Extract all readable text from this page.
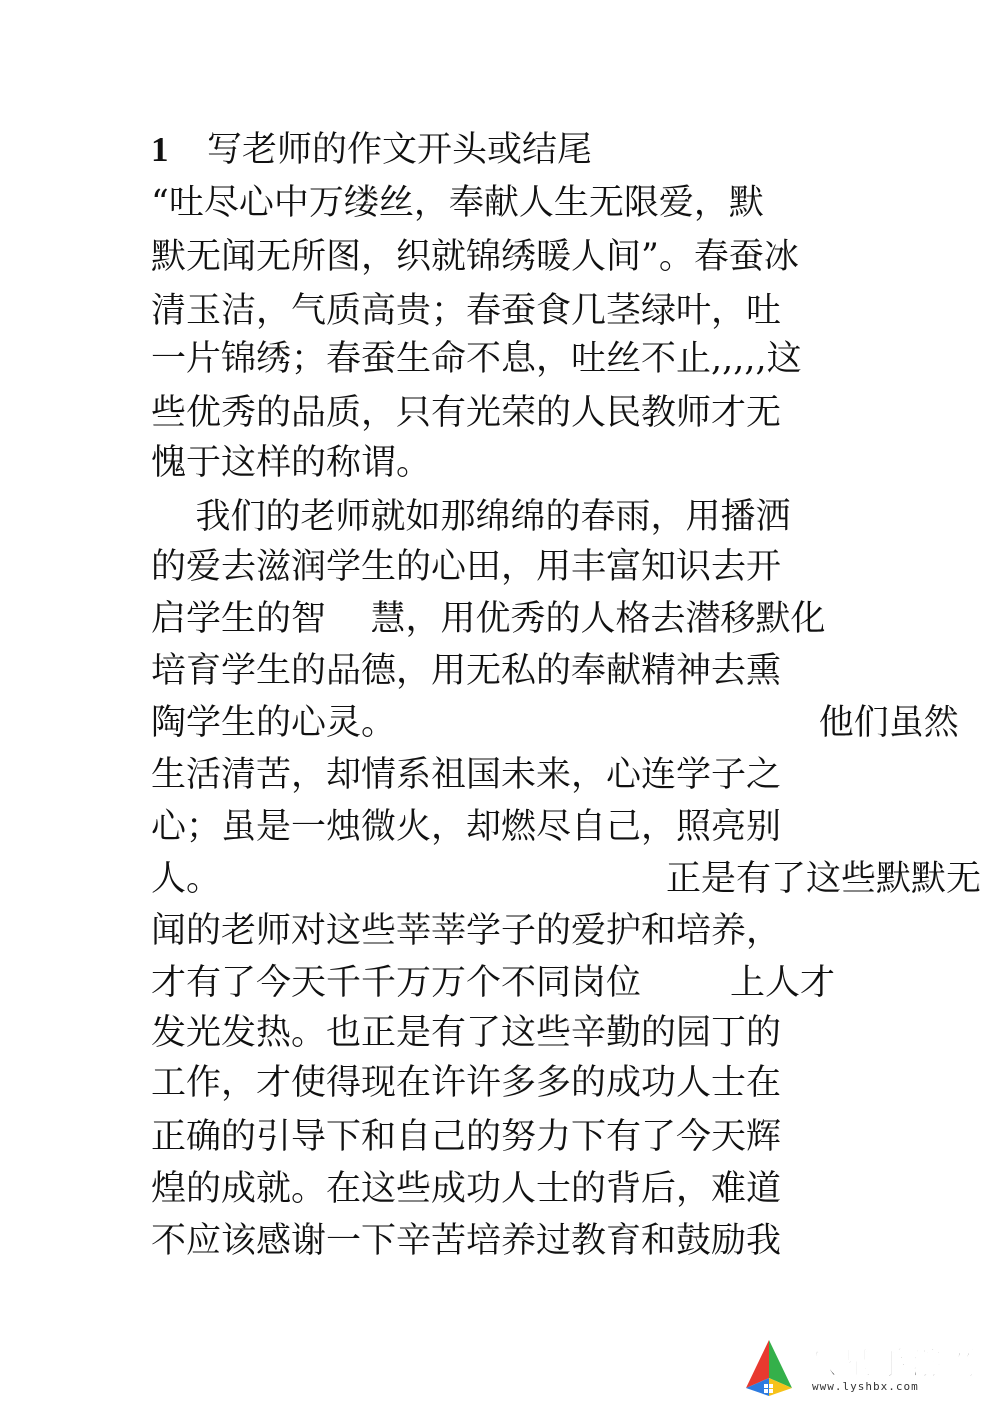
1 写老师的作文开头或结尾
“吐尽心中万缕丝，奉献人生无限爱，默
默无闻无所图，织就锦绣暖人间”。春蚕冰
清玉洁，气质高贵；春蚕食几茎绿叶，吐
一片锦绣；春蚕生命不息，吐丝不止,,,,,这
些优秀的品质，只有光荣的人民教师才无
愧于这样的称谓。
我们的老师就如那绵绵的春雨，用播洒
的爱去滋润学生的心田，用丰富知识去开
启学生的智    慧，用优秀的人格去潜移默化
培育学生的品德，用无私的奉献精神去熏
陶学生的心灵。                                      他们虽然
生活清苦，却情系祖国未来，心连学子之
心；虽是一烛微火，却燃尽自己，照亮别
人。                                        正是有了这些默默无
闻的老师对这些莘莘学子的爱护和培养，
才有了今天千千万万个不同岗位        上人才
发光发热。也正是有了这些辛勤的园丁的
工作，才使得现在许许多多的成功人士在
正确的引导下和自己的努力下有了今天辉
煌的成就。在这些成功人士的背后，难道
不应该感谢一下辛苦培养过教育和鼓励我
八星手游网
www.lyshbx.com
